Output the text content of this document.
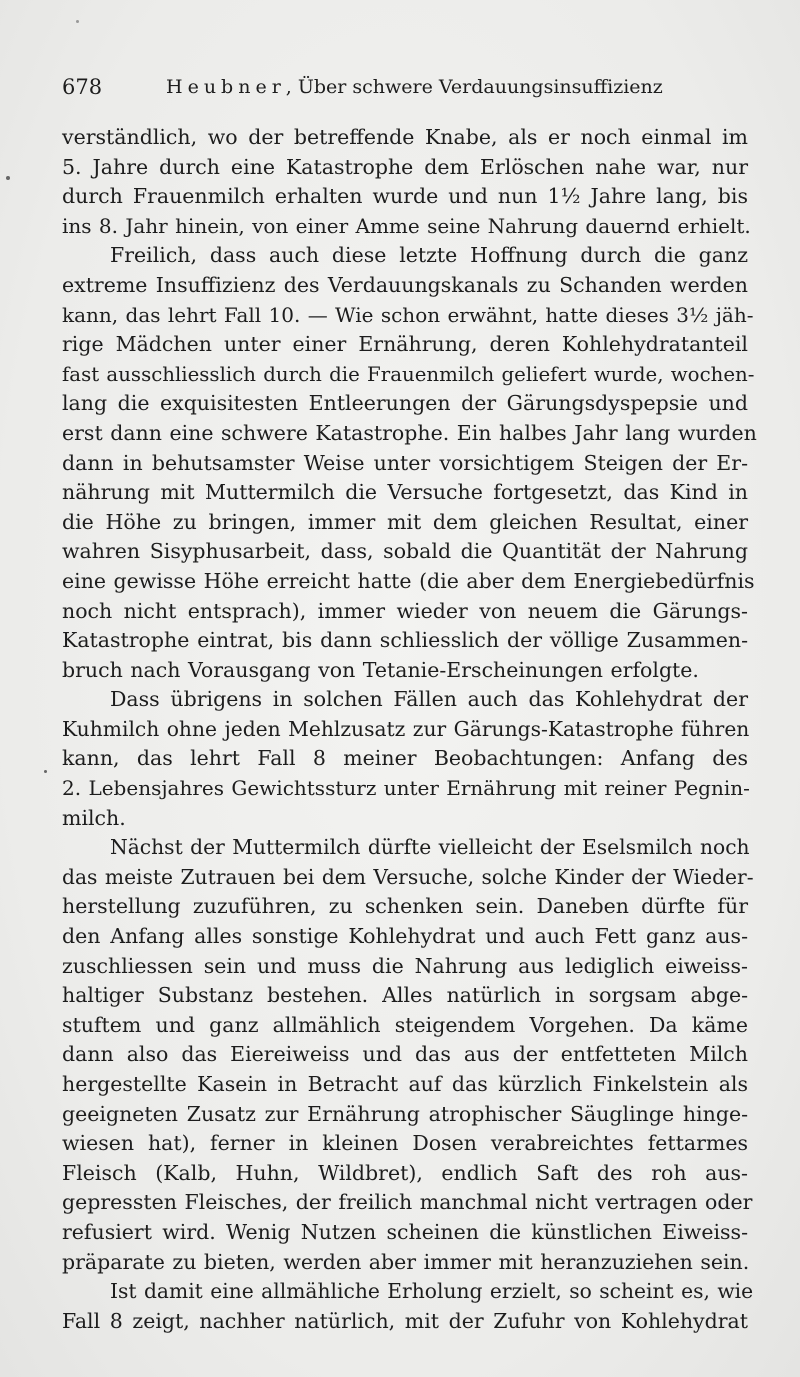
678	Heubner, Über schwere Verdauungsinsuffizienz
verständlich, wo der betreffende Knabe, als er noch einmal im
5. Jahre durch eine Katastrophe dem Erlöschen nahe war, nur
durch Frauenmilch erhalten wurde und nun 1½ Jahre lang, bis
ins 8. Jahr hinein, von einer Amme seine Nahrung dauernd erhielt.
Freilich, dass auch diese letzte Hoffnung durch die ganz
extreme Insuffizienz des Verdauungskanals zu Schanden werden
kann, das lehrt Fall 10. — Wie schon erwähnt, hatte dieses 3½ jäh-
rige Mädchen unter einer Ernährung, deren Kohlehydratanteil
fast ausschliesslich durch die Frauenmilch geliefert wurde, wochen-
lang die exquisitesten Entleerungen der Gärungsdyspepsie und
erst dann eine schwere Katastrophe. Ein halbes Jahr lang wurden
dann in behutsamster Weise unter vorsichtigem Steigen der Er-
nährung mit Muttermilch die Versuche fortgesetzt, das Kind in
die Höhe zu bringen, immer mit dem gleichen Resultat, einer
wahren Sisyphusarbeit, dass, sobald die Quantität der Nahrung
eine gewisse Höhe erreicht hatte (die aber dem Energiebedürfnis
noch nicht entsprach), immer wieder von neuem die Gärungs-
Katastrophe eintrat, bis dann schliesslich der völlige Zusammen-
bruch nach Vorausgang von Tetanie-Erscheinungen erfolgte.
Dass übrigens in solchen Fällen auch das Kohlehydrat der
Kuhmilch ohne jeden Mehlzusatz zur Gärungs-Katastrophe führen
kann, das lehrt Fall 8 meiner Beobachtungen: Anfang des
2. Lebensjahres Gewichtssturz unter Ernährung mit reiner Pegnin-
milch.
Nächst der Muttermilch dürfte vielleicht der Eselsmilch noch
das meiste Zutrauen bei dem Versuche, solche Kinder der Wieder-
herstellung zuzuführen, zu schenken sein. Daneben dürfte für
den Anfang alles sonstige Kohlehydrat und auch Fett ganz aus-
zuschliessen sein und muss die Nahrung aus lediglich eiweiss-
haltiger Substanz bestehen. Alles natürlich in sorgsam abge-
stuftem und ganz allmählich steigendem Vorgehen. Da käme
dann also das Eiereiweiss und das aus der entfetteten Milch
hergestellte Kasein in Betracht auf das kürzlich Finkelstein als
geeigneten Zusatz zur Ernährung atrophischer Säuglinge hinge-
wiesen hat), ferner in kleinen Dosen verabreichtes fettarmes
Fleisch (Kalb, Huhn, Wildbret), endlich Saft des roh aus-
gepressten Fleisches, der freilich manchmal nicht vertragen oder
refusiert wird. Wenig Nutzen scheinen die künstlichen Eiweiss-
präparate zu bieten, werden aber immer mit heranzuziehen sein.
Ist damit eine allmähliche Erholung erzielt, so scheint es, wie
Fall 8 zeigt, nachher natürlich, mit der Zufuhr von Kohlehydrat
